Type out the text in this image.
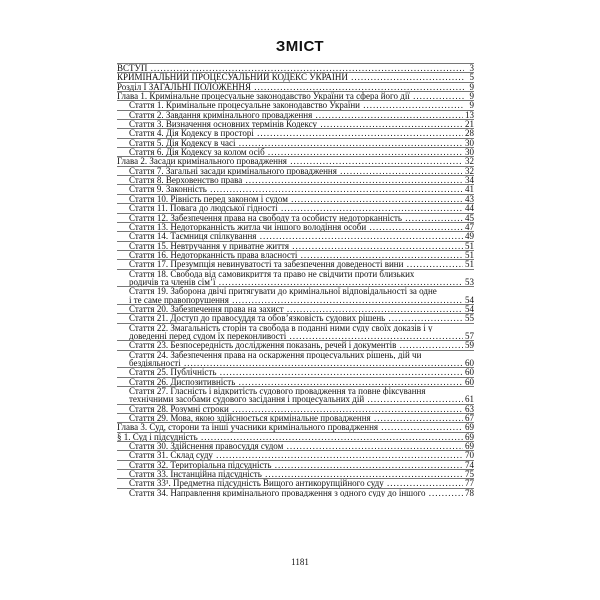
ЗМІСТ
ВСТУП .....	3
КРИМІНАЛЬНИЙ ПРОЦЕСУАЛЬНИЙ КОДЕКС УКРАЇНИ .....	5
Розділ І ЗАГАЛЬНІ ПОЛОЖЕННЯ .....	9
Глава 1. Кримінальне процесуальне законодавство України та сфера його дії .....	9
Стаття 1. Кримінальне процесуальне законодавство України .....	9
Стаття 2. Завдання кримінального провадження .....	13
Стаття 3. Визначення основних термінів Кодексу .....	21
Стаття 4. Дія Кодексу в просторі .....	28
Стаття 5. Дія Кодексу в часі .....	30
Стаття 6. Дія Кодексу за колом осіб .....	30
Глава 2. Засади кримінального провадження .....	32
Стаття 7. Загальні засади кримінального провадження .....	32
Стаття 8. Верховенство права .....	34
Стаття 9. Законність .....	41
Стаття 10. Рівність перед законом і судом .....	43
Стаття 11. Повага до людської гідності .....	44
Стаття 12. Забезпечення права на свободу та особисту недоторканність .....	45
Стаття 13. Недоторканність житла чи іншого володіння особи .....	47
Стаття 14. Таємниця спілкування .....	49
Стаття 15. Невтручання у приватне життя .....	51
Стаття 16. Недоторканність права власності .....	51
Стаття 17. Презумпція невинуватості та забезпечення доведеності вини .....	51
Стаття 18. Свобода від самовикриття та право не свідчити проти близьких
родичів та членів сім’ї .....	53
Стаття 19. Заборона двічі притягувати до кримінальної відповідальності за одне
і те саме правопорушення .....	54
Стаття 20. Забезпечення права на захист .....	54
Стаття 21. Доступ до правосуддя та обов’язковість судових рішень .....	55
Стаття 22. Змагальність сторін та свобода в поданні ними суду своїх доказів і у
доведенні перед судом їх переконливості .....	57
Стаття 23. Безпосередність дослідження показань, речей і документів .....	59
Стаття 24. Забезпечення права на оскарження процесуальних рішень, дій чи
бездіяльності .....	60
Стаття 25. Публічність .....	60
Стаття 26. Диспозитивність .....	60
Стаття 27. Гласність і відкритість судового провадження та повне фіксування
технічними засобами судового засідання і процесуальних дій .....	61
Стаття 28. Розумні строки .....	63
Стаття 29. Мова, якою здійснюється кримінальне провадження .....	67
Глава 3. Суд, сторони та інші учасники кримінального провадження .....	69
§ 1. Суд і підсудність .....	69
Стаття 30. Здійснення правосуддя судом .....	69
Стаття 31. Склад суду .....	70
Стаття 32. Територіальна підсудність .....	74
Стаття 33. Інстанційна підсудність .....	75
Стаття 33¹. Предметна підсудність Вищого антикорупційного суду .....	77
Стаття 34. Направлення кримінального провадження з одного суду до іншого .....	78
1181
